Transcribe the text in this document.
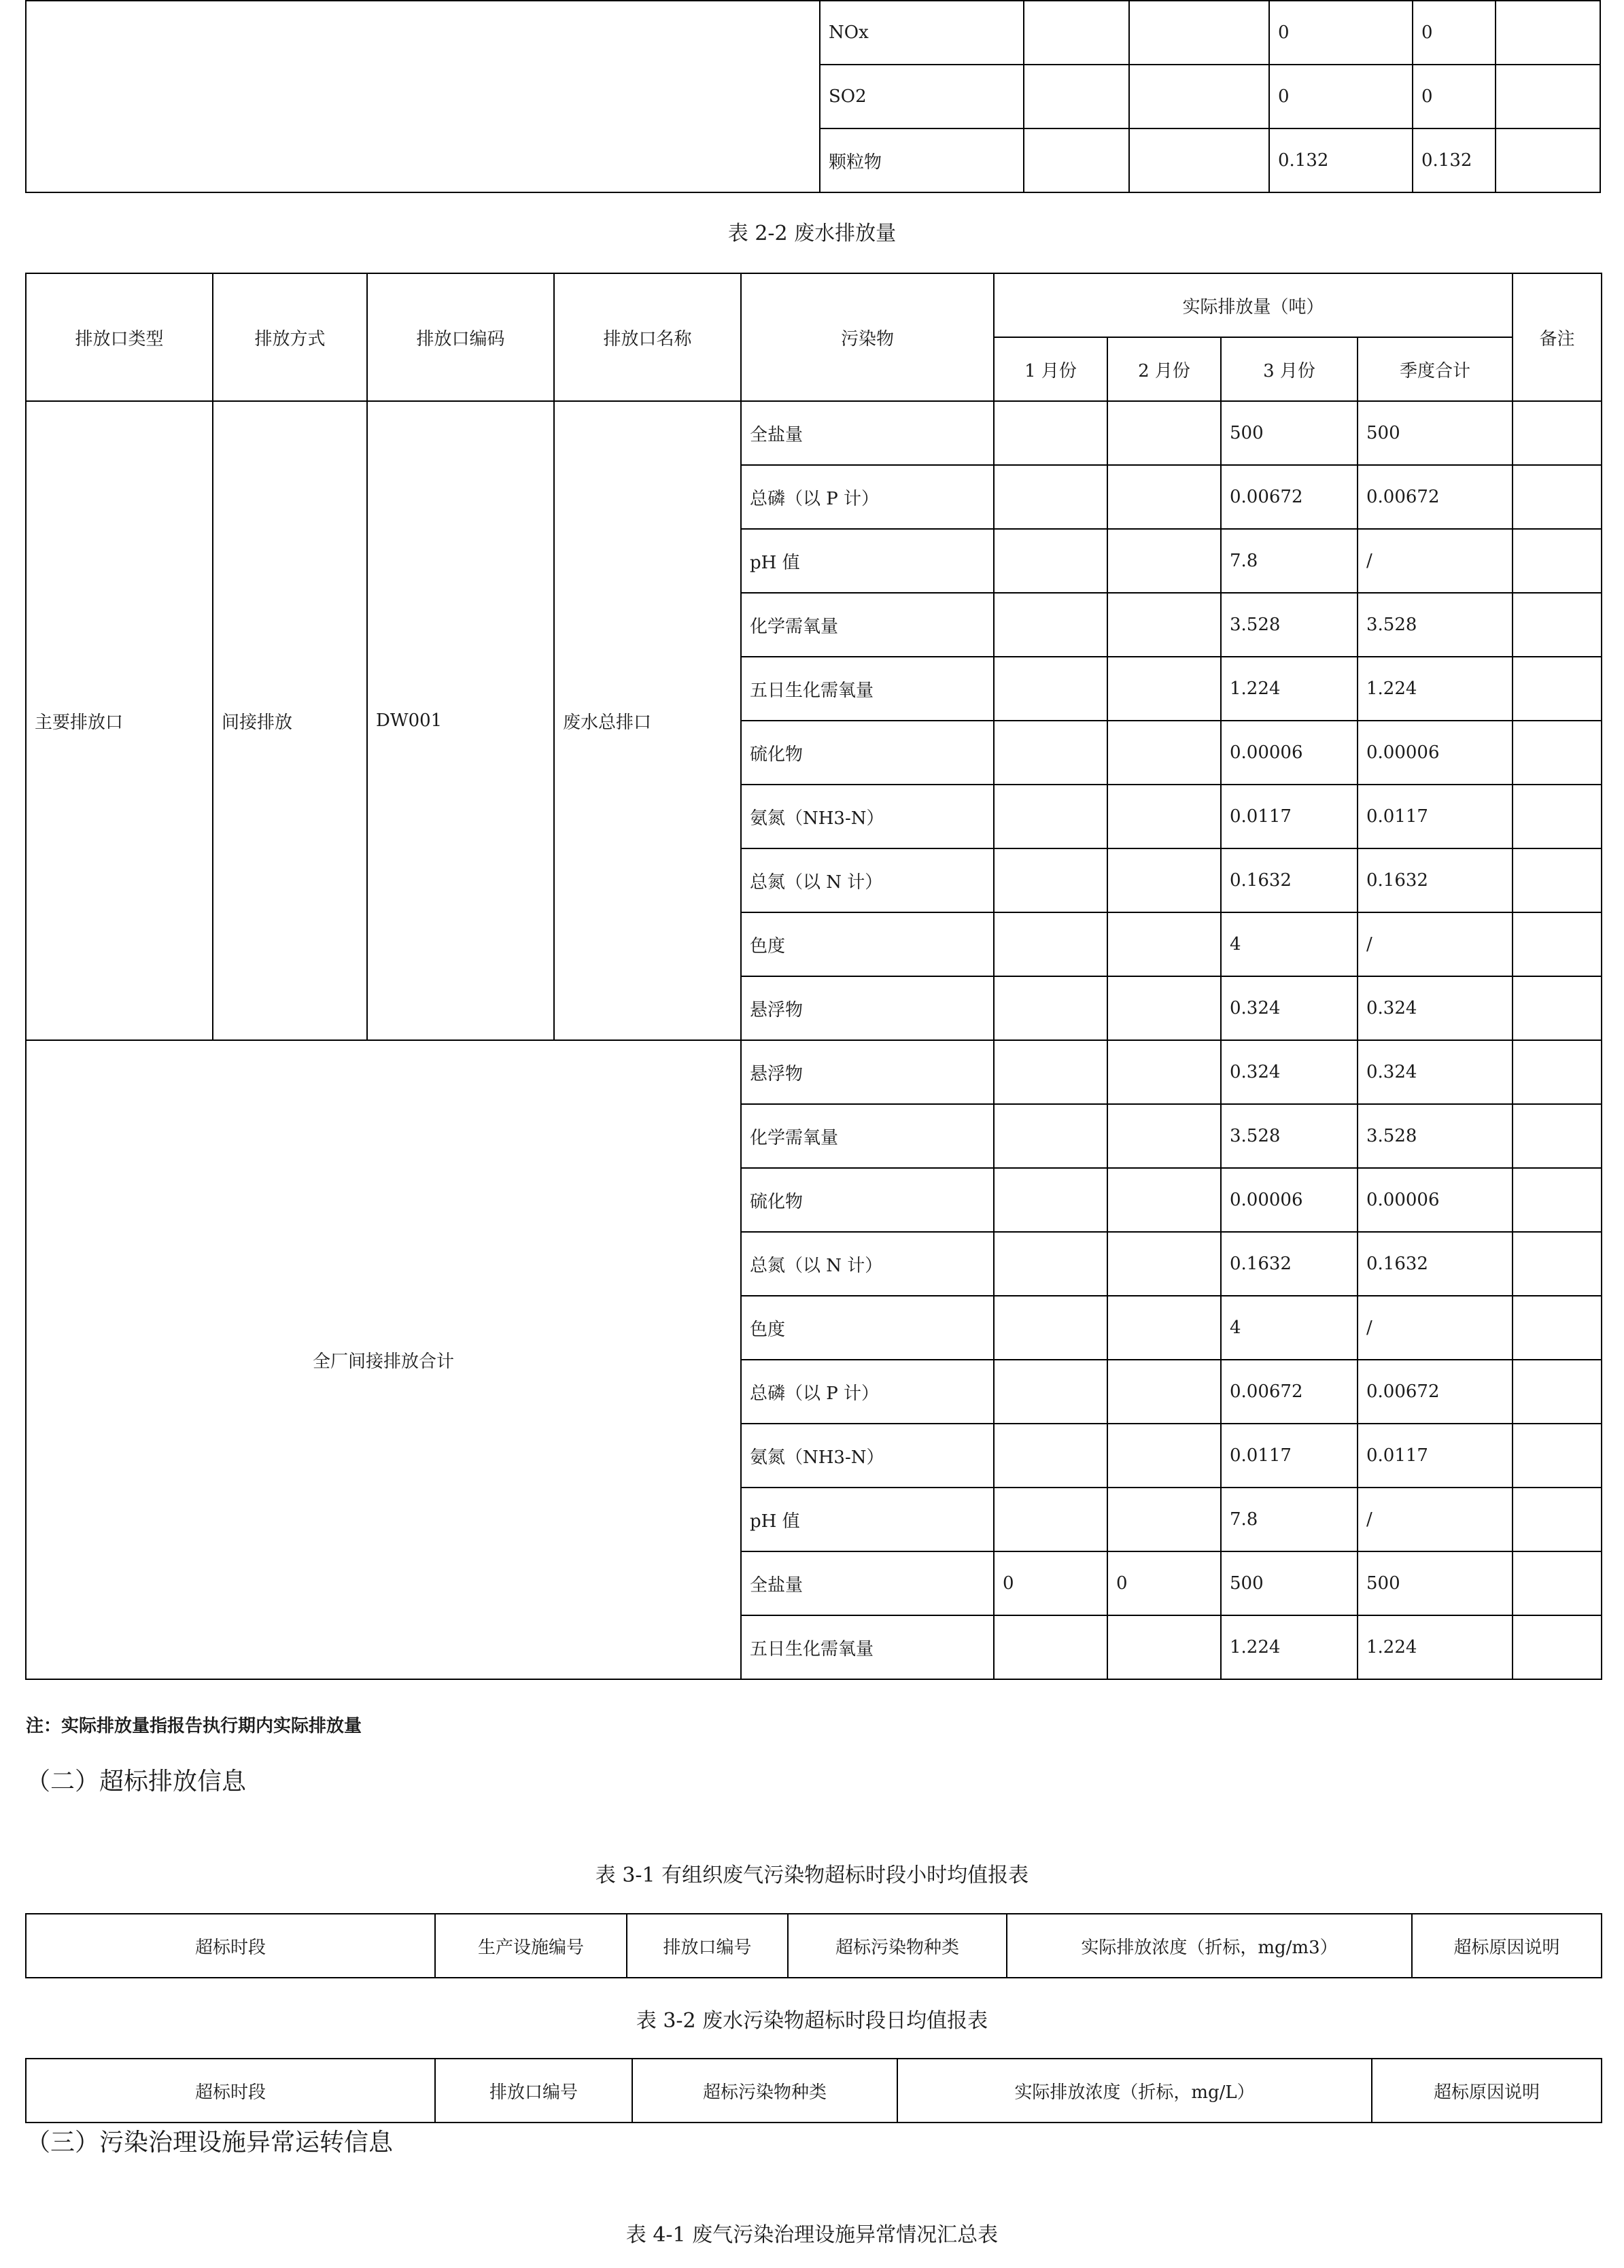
	NOx			0	0	
	SO2			0	0	
	颗粒物			0.132	0.132	
表 2-2 废水排放量
排放口类型	排放方式	排放口编码	排放口名称	污染物	实际排放量（吨）				备注
					1 月份	2 月份	3 月份	季度合计	
主要排放口	间接排放	DW001	废水总排口	全盐量			500	500	
				总磷（以 P 计）			0.00672	0.00672	
				pH 值			7.8	/	
				化学需氧量			3.528	3.528	
				五日生化需氧量			1.224	1.224	
				硫化物			0.00006	0.00006	
				氨氮（NH3-N）			0.0117	0.0117	
				总氮（以 N 计）			0.1632	0.1632	
				色度			4	/	
				悬浮物			0.324	0.324	
全厂间接排放合计				悬浮物			0.324	0.324	
				化学需氧量			3.528	3.528	
				硫化物			0.00006	0.00006	
				总氮（以 N 计）			0.1632	0.1632	
				色度			4	/	
				总磷（以 P 计）			0.00672	0.00672	
				氨氮（NH3-N）			0.0117	0.0117	
				pH 值			7.8	/	
				全盐量	0	0	500	500	
				五日生化需氧量			1.224	1.224	
注：实际排放量指报告执行期内实际排放量
（二）超标排放信息
表 3-1 有组织废气污染物超标时段小时均值报表
超标时段	生产设施编号	排放口编号	超标污染物种类	实际排放浓度（折标，mg/m3）	超标原因说明
表 3-2 废水污染物超标时段日均值报表
超标时段	排放口编号	超标污染物种类	实际排放浓度（折标，mg/L）	超标原因说明
（三）污染治理设施异常运转信息
表 4-1 废气污染治理设施异常情况汇总表
